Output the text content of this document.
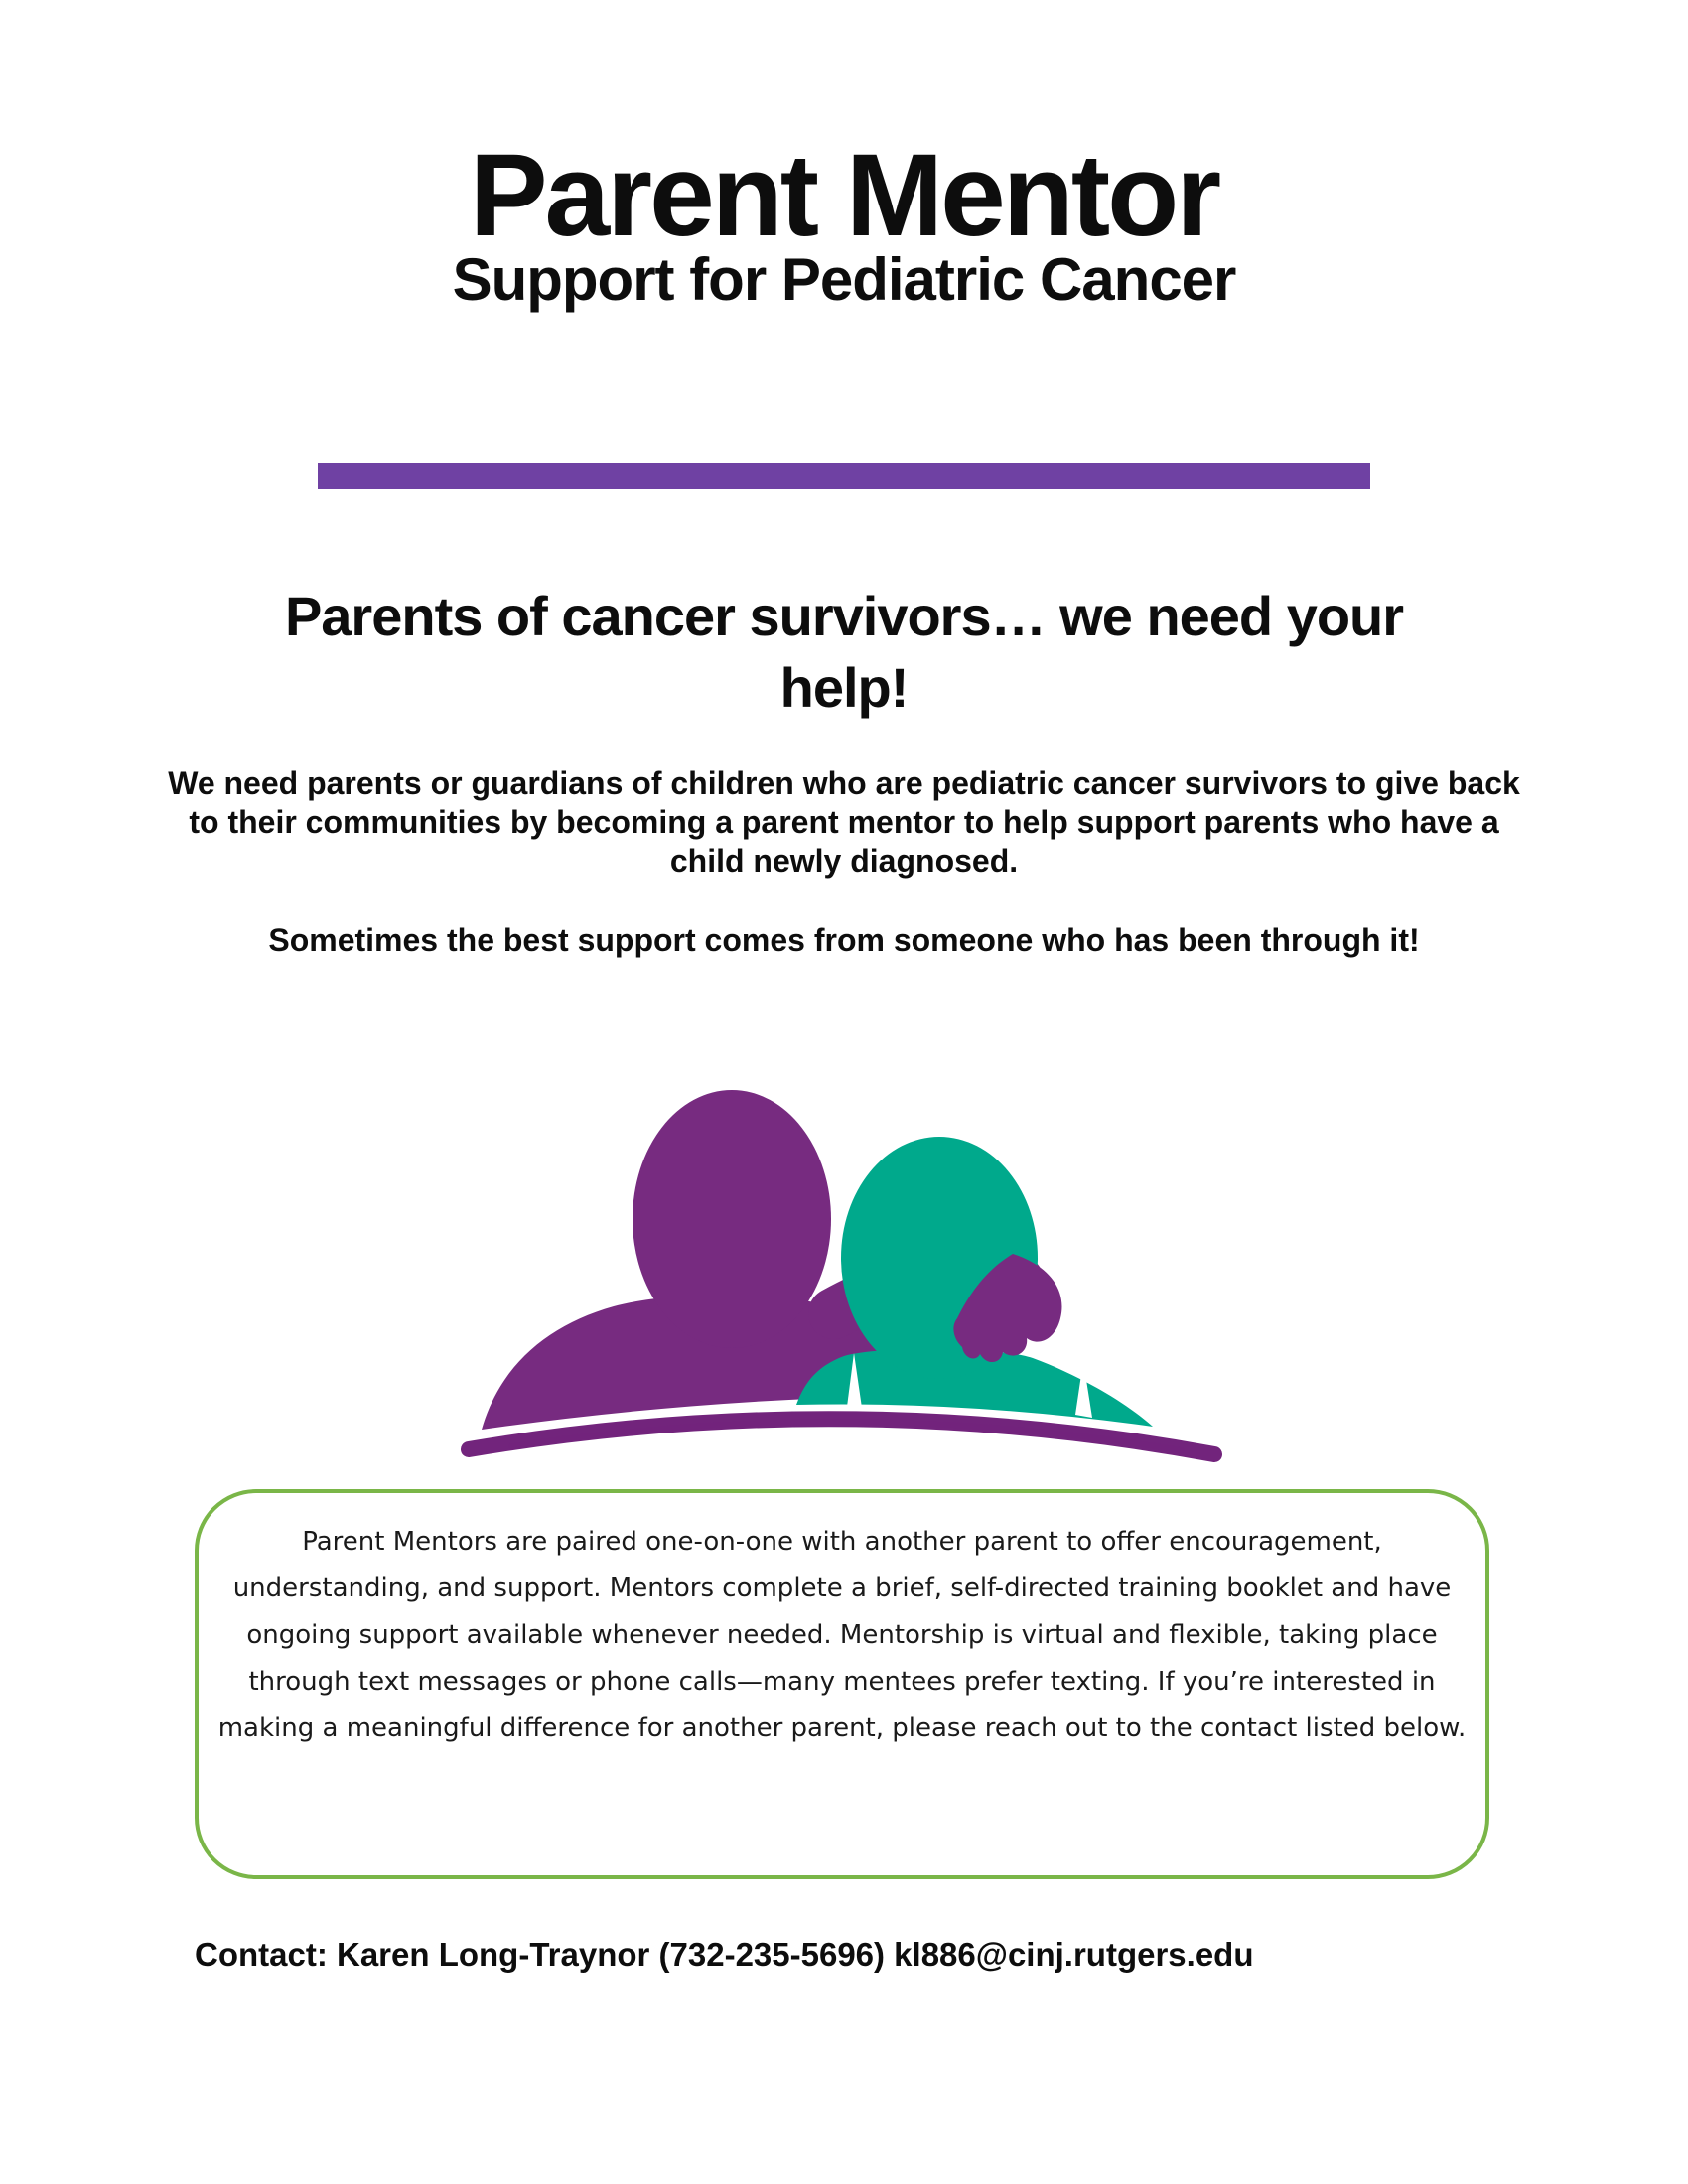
Parent Mentor
Support for Pediatric Cancer
Parents of cancer survivors… we need your
help!
We need parents or guardians of children who are pediatric cancer survivors to give back to their communities by becoming a parent mentor to help support parents who have a child newly diagnosed.
Sometimes the best support comes from someone who has been through it!
Parent Mentors are paired one-on-one with another parent to offer encouragement, understanding, and support. Mentors complete a brief, self-directed training booklet and have ongoing support available whenever needed. Mentorship is virtual and flexible, taking place through text messages or phone calls—many mentees prefer texting. If you’re interested in making a meaningful difference for another parent, please reach out to the contact listed below.
Contact: Karen Long-Traynor (732-235-5696) kl886@cinj.rutgers.edu
